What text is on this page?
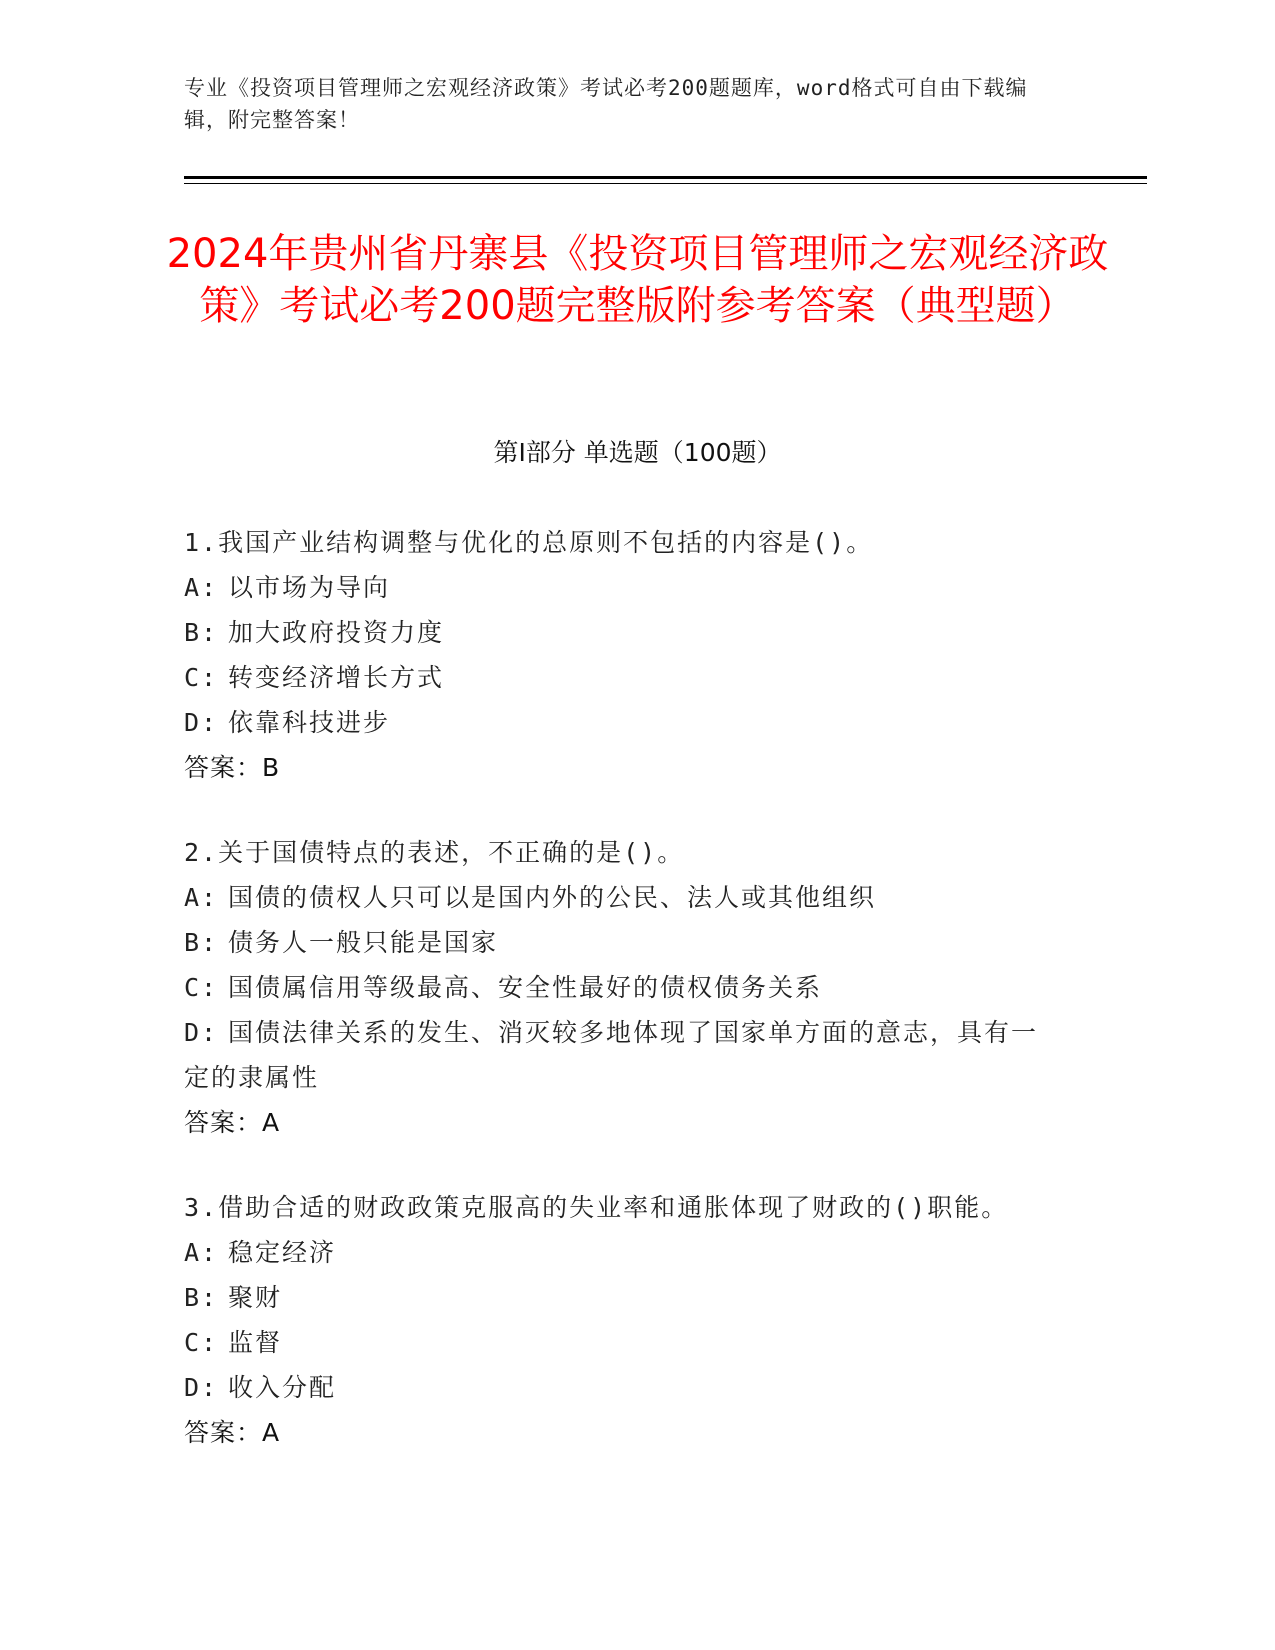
专业《投资项目管理师之宏观经济政策》考试必考200题题库，word格式可自由下载编辑，附完整答案！
2024年贵州省丹寨县《投资项目管理师之宏观经济政策》考试必考200题完整版附参考答案（典型题）
第I部分 单选题（100题）

1.我国产业结构调整与优化的总原则不包括的内容是()。

A: 以市场为导向

B: 加大政府投资力度

C: 转变经济增长方式

D: 依靠科技进步

答案：B

2.关于国债特点的表述，不正确的是()。

A: 国债的债权人只可以是国内外的公民、法人或其他组织

B: 债务人一般只能是国家

C: 国债属信用等级最高、安全性最好的债权债务关系

D: 国债法律关系的发生、消灭较多地体现了国家单方面的意志，具有一定的隶属性

答案：A

3.借助合适的财政政策克服高的失业率和通胀体现了财政的()职能。

A: 稳定经济

B: 聚财

C: 监督

D: 收入分配

答案：A
